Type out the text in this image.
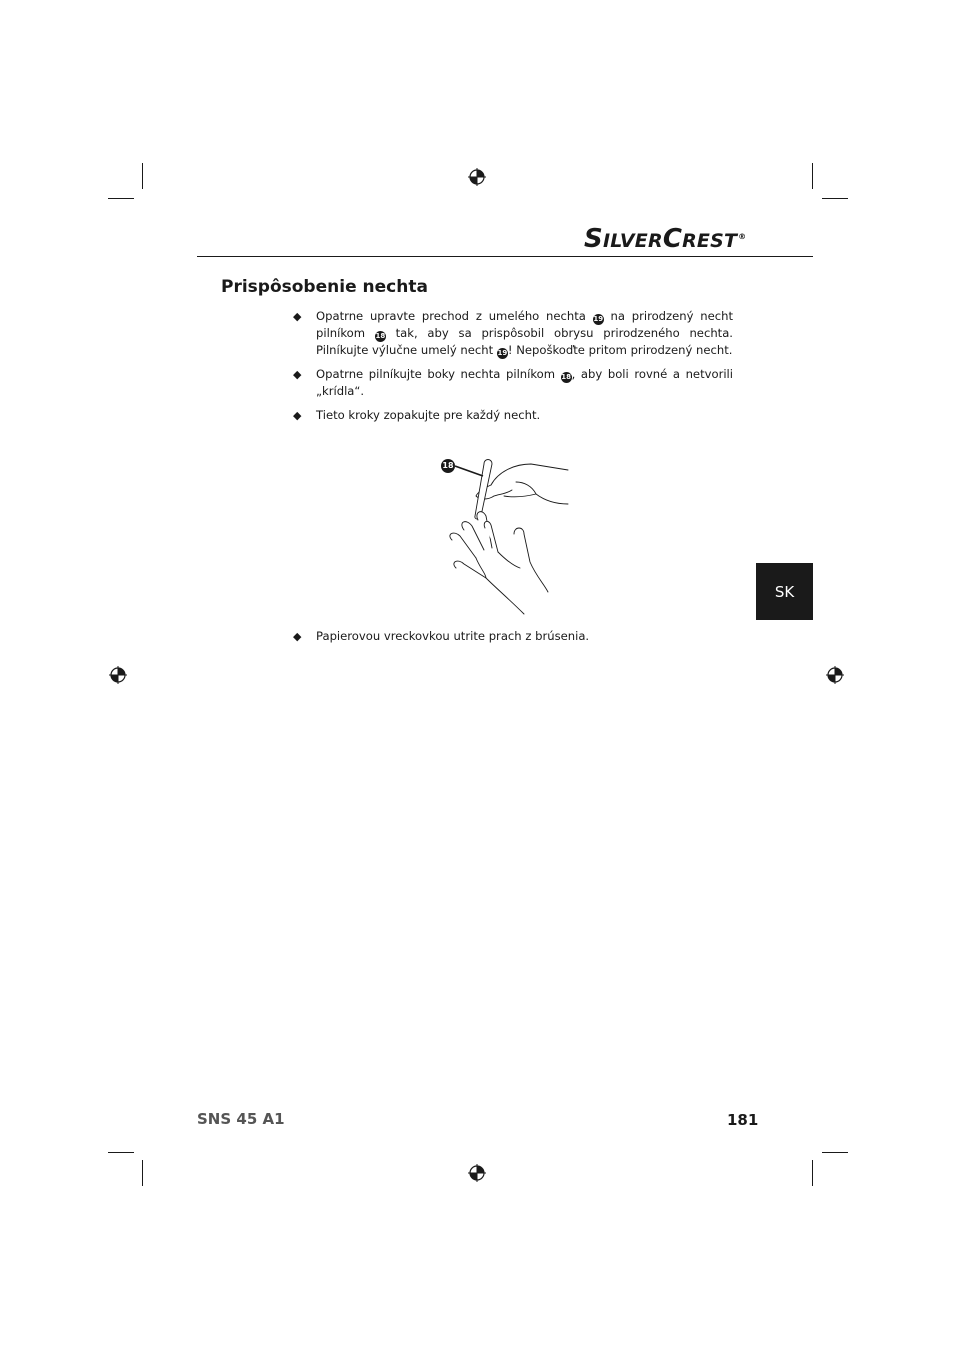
SILVERCREST®
Prispôsobenie nechta
◆ Opatrne upravte prechod z umelého nechta 19 na prirodzený necht pilníkom 18 tak, aby sa prispôsobil obrysu prirodzeného nechta. Pilníkujte výlučne umelý necht 19! Nepoškoďte pritom prirodzený necht.
◆ Opatrne pilníkujte boky nechta pilníkom 18, aby boli rovné a netvorili „krídla“.
◆ Tieto kroky zopakujte pre každý necht.
18
◆ Papierovou vreckovkou utrite prach z brúsenia.
SK
SNS 45 A1	181
